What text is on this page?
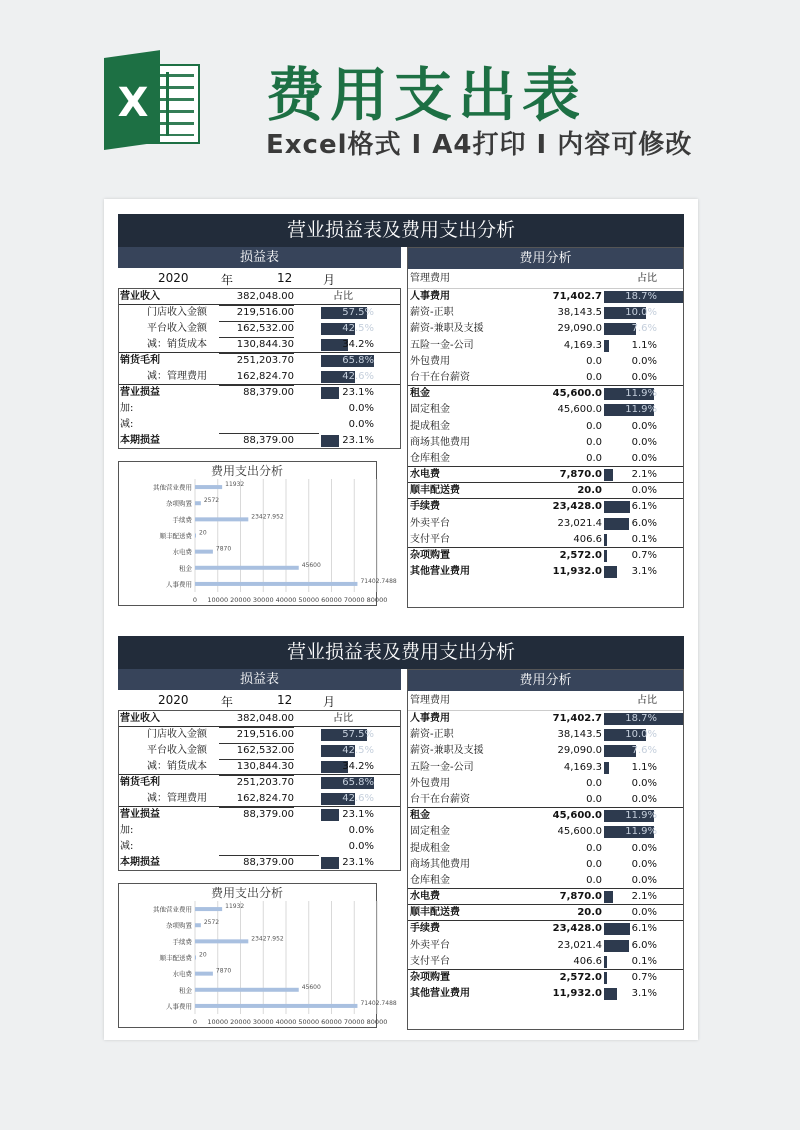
X 费用支出表
Excel格式 I A4打印 I 内容可修改
营业损益表及费用支出分析
损益表
2020	年	12	月
营业收入	382,048.00	占比
门店收入金额	219,516.00	57.5%
平台收入金额	162,532.00	42.5%
减：销货成本	130,844.30	34.2%
销货毛利	251,203.70	65.8%
减：管理费用	162,824.70	42.6%
营业损益	88,379.00	23.1%
加:	0.0%
减:	0.0%
本期损益	88,379.00	23.1%
费用支出分析
0 10000 20000 30000 40000 50000 60000 70000 80000
其他营业费用	11932
杂项购置 2572
手续费	23427.952
顺丰配送费 20
水电费	7870
租金	45600
人事费用	71402.7488
费用分析
管理费用	占比
人事费用	71,402.7	18.7%
薪资-正职	38,143.5	10.0%
薪资-兼职及支援	29,090.0	7.6%
五险一金-公司	4,169.3	1.1%
外包费用	0.0	0.0%
台干在台薪资	0.0	0.0%
租金	45,600.0	11.9%
固定租金	45,600.0	11.9%
提成租金	0.0	0.0%
商场其他费用	0.0	0.0%
仓库租金	0.0	0.0%
水电费	7,870.0	2.1%
顺丰配送费	20.0	0.0%
手续费	23,428.0	6.1%
外卖平台	23,021.4	6.0%
支付平台	406.6	0.1%
杂项购置	2,572.0	0.7%
其他营业费用	11,932.0	3.1%
营业损益表及费用支出分析
损益表
2020	年	12	月
营业收入	382,048.00	占比
门店收入金额	219,516.00	57.5%
平台收入金额	162,532.00	42.5%
减：销货成本	130,844.30	34.2%
销货毛利	251,203.70	65.8%
减：管理费用	162,824.70	42.6%
营业损益	88,379.00	23.1%
加:	0.0%
减:	0.0%
本期损益	88,379.00	23.1%
费用支出分析
0 10000 20000 30000 40000 50000 60000 70000 80000
其他营业费用	11932
杂项购置 2572
手续费	23427.952
顺丰配送费 20
水电费	7870
租金	45600
人事费用	71402.7488
费用分析
管理费用	占比
人事费用	71,402.7	18.7%
薪资-正职	38,143.5	10.0%
薪资-兼职及支援	29,090.0	7.6%
五险一金-公司	4,169.3	1.1%
外包费用	0.0	0.0%
台干在台薪资	0.0	0.0%
租金	45,600.0	11.9%
固定租金	45,600.0	11.9%
提成租金	0.0	0.0%
商场其他费用	0.0	0.0%
仓库租金	0.0	0.0%
水电费	7,870.0	2.1%
顺丰配送费	20.0	0.0%
手续费	23,428.0	6.1%
外卖平台	23,021.4	6.0%
支付平台	406.6	0.1%
杂项购置	2,572.0	0.7%
其他营业费用	11,932.0	3.1%
